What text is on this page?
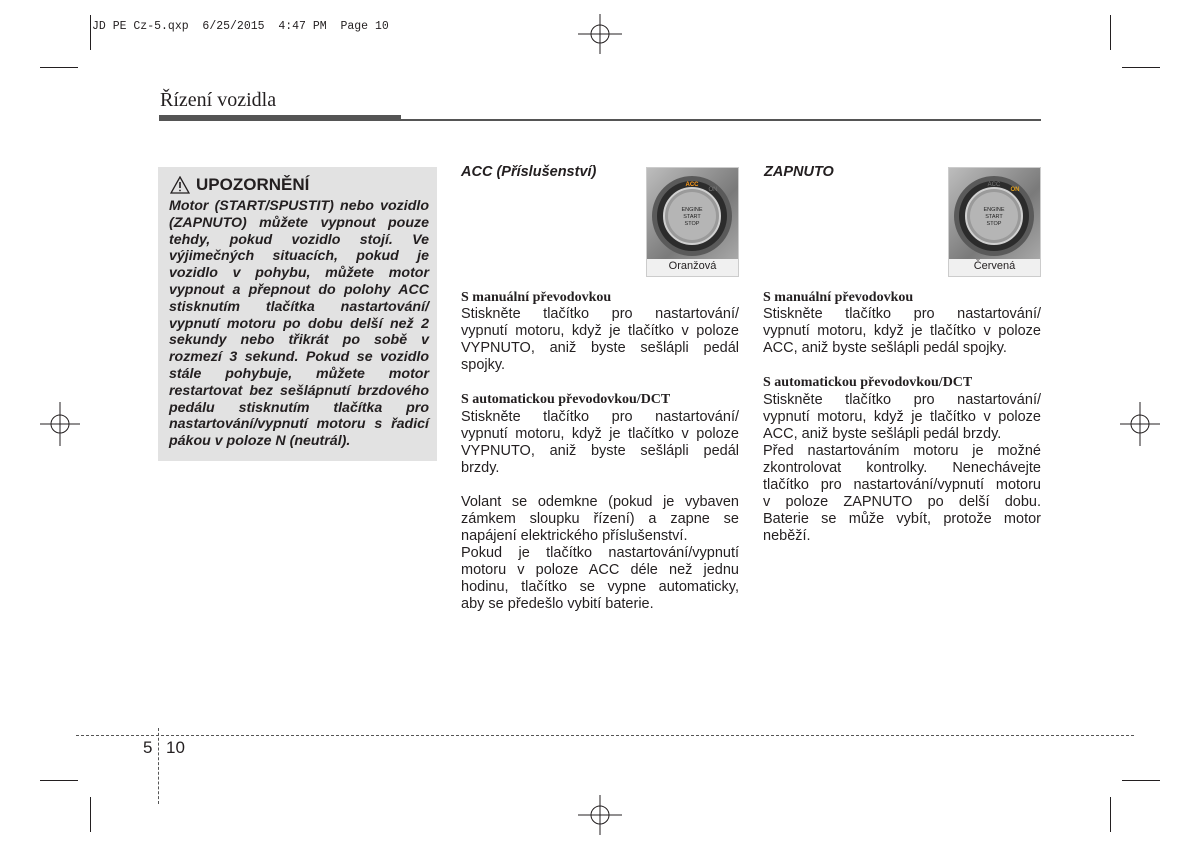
JD PE Cz-5.qxp  6/25/2015  4:47 PM  Page 10
Řízení vozidla
UPOZORNĚNÍ
Motor (START/SPUSTIT) nebo vozidlo
(ZAPNUTO) můžete vypnout pouze
tehdy, pokud vozidlo stojí. Ve
výjimečných situacích, pokud je
vozidlo v pohybu, můžete motor
vypnout a přepnout do polohy ACC
stisknutím tlačítka nastartování/
vypnutí motoru po dobu delší než 2
sekundy nebo třikrát po sobě v
rozmezí 3 sekund. Pokud se vozidlo
stále pohybuje, můžete motor
restartovat bez sešlápnutí brzdového
pedálu stisknutím tlačítka pro
nastartování/vypnutí motoru s řadicí
pákou v poloze N (neutrál).
ACC (Příslušenství)
ACC
ON
ENGINE
START
STOP
Oranžová
S manuální převodovkou
Stiskněte tlačítko pro nastartování/
vypnutí motoru, když je tlačítko v poloze
VYPNUTO, aniž byste sešlápli pedál
spojky.
S automatickou převodovkou/DCT
Stiskněte tlačítko pro nastartování/
vypnutí motoru, když je tlačítko v poloze
VYPNUTO, aniž byste sešlápli pedál
brzdy.
Volant se odemkne (pokud je vybaven
zámkem sloupku řízení) a zapne se
napájení elektrického příslušenství.
Pokud je tlačítko nastartování/vypnutí
motoru v poloze ACC déle než jednu
hodinu, tlačítko se vypne automaticky,
aby se předešlo vybití baterie.
ZAPNUTO
ACC
ON
ENGINE
START
STOP
Červená
S manuální převodovkou
Stiskněte tlačítko pro nastartování/
vypnutí motoru, když je tlačítko v poloze
ACC, aniž byste sešlápli pedál spojky.
S automatickou převodovkou/DCT
Stiskněte tlačítko pro nastartování/
vypnutí motoru, když je tlačítko v poloze
ACC, aniž byste sešlápli pedál brzdy.
Před nastartováním motoru je možné
zkontrolovat kontrolky. Nenechávejte
tlačítko pro nastartování/vypnutí motoru
v poloze ZAPNUTO po delší dobu.
Baterie se může vybít, protože motor
neběží.
5 10
